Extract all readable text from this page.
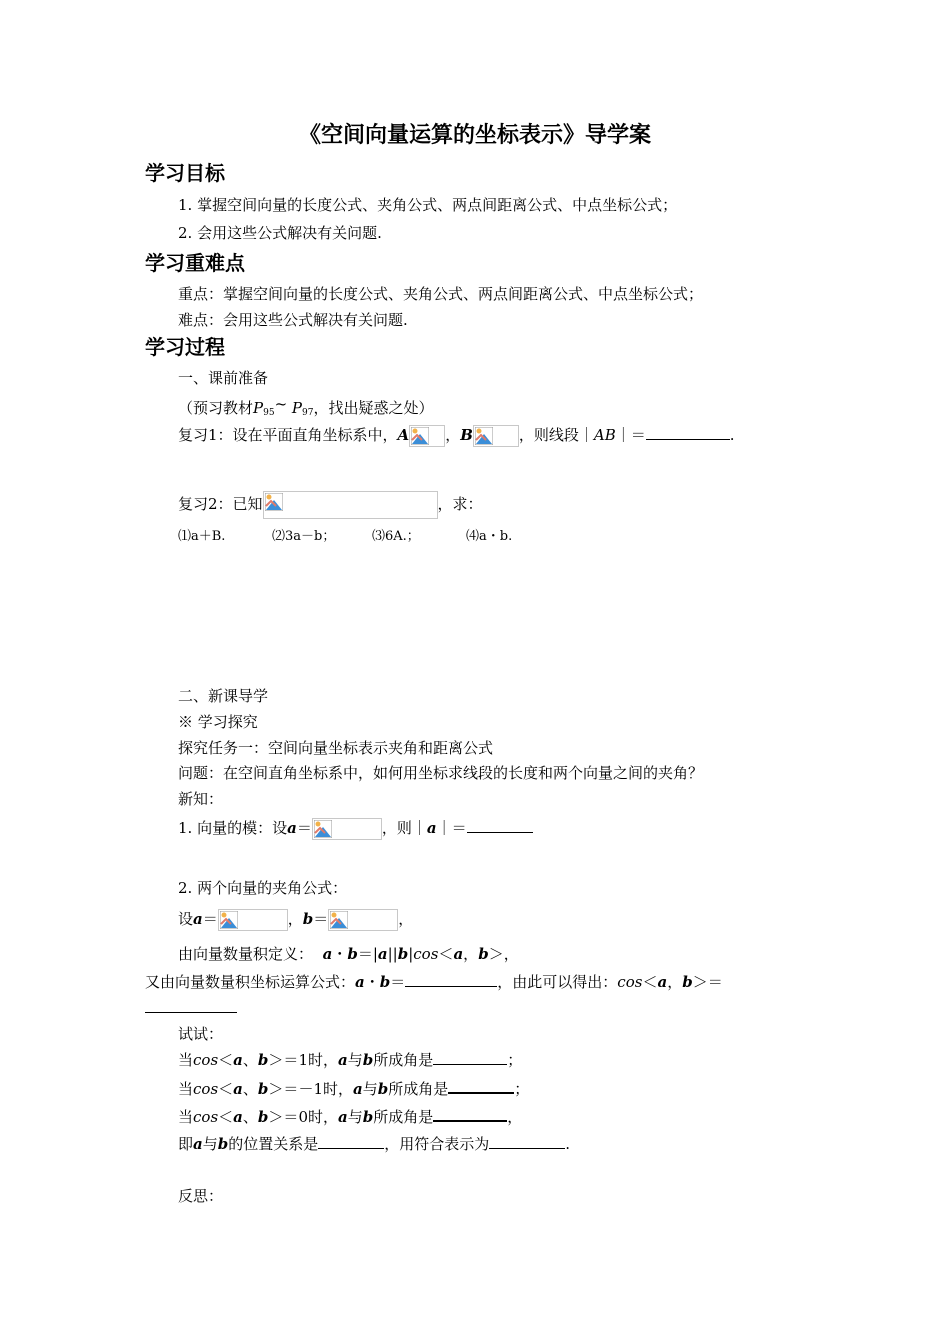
《空间向量运算的坐标表示》导学案
学习目标
1. 掌握空间向量的长度公式、夹角公式、两点间距离公式、中点坐标公式；
2. 会用这些公式解决有关问题.
学习重难点
重点：掌握空间向量的长度公式、夹角公式、两点间距离公式、中点坐标公式；
难点：会用这些公式解决有关问题.
学习过程
一、课前准备
（预习教材$P_{95}\sim$ $P_{97}$，找出疑惑之处）
复习1：设在平面直角坐标系中，A ，B	，则线段｜AB｜＝	.
复习2：已知	，求：
⑴a＋B.	⑵3a－b；	⑶6A.；	⑷a・b.
二、新课导学
※ 学习探究
探究任务一：空间向量坐标表示夹角和距离公式
问题：在空间直角坐标系中，如何用坐标求线段的长度和两个向量之间的夹角？
新知：
1. 向量的模：设a＝	，则｜a｜＝
2. 两个向量的夹角公式：
设a＝	，b＝	，
由向量数量积定义： a・b＝|a||b|cos＜a，b＞，
又由向量数量积坐标运算公式：a・b＝	，由此可以得出：cos＜a，b＞＝
试试：
当cos＜a、b＞＝1时，a与b所成角是	；
当cos＜a、b＞＝－1时，a与b所成角是	；
当cos＜a、b＞＝0时，a与b所成角是	，
即a与b的位置关系是	，用符合表示为	.
反思：
